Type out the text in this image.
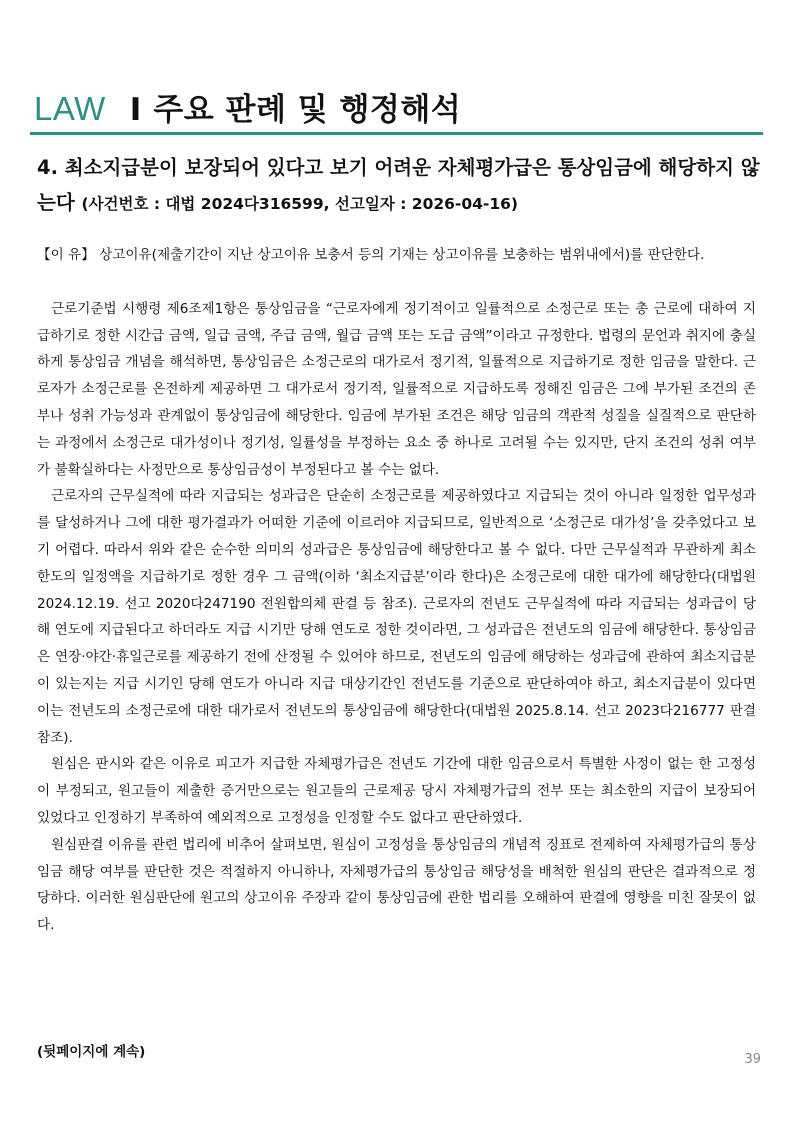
LAW I 주요 판례 및 행정해석
4. 최소지급분이 보장되어 있다고 보기 어려운 자체평가급은 통상임금에 해당하지 않는다 (사건번호 : 대법 2024다316599, 선고일자 : 2026-04-16)

【이 유】 상고이유(제출기간이 지난 상고이유 보충서 등의 기재는 상고이유를 보충하는 범위내에서)를 판단한다.

근로기준법 시행령 제6조제1항은 통상임금을 “근로자에게 정기적이고 일률적으로 소정근로 또는 총 근로에 대하여 지급하기로 정한 시간급 금액, 일급 금액, 주급 금액, 월급 금액 또는 도급 금액”이라고 규정한다. 법령의 문언과 취지에 충실하게 통상임금 개념을 해석하면, 통상임금은 소정근로의 대가로서 정기적, 일률적으로 지급하기로 정한 임금을 말한다. 근로자가 소정근로를 온전하게 제공하면 그 대가로서 정기적, 일률적으로 지급하도록 정해진 임금은 그에 부가된 조건의 존부나 성취 가능성과 관계없이 통상임금에 해당한다. 임금에 부가된 조건은 해당 임금의 객관적 성질을 실질적으로 판단하는 과정에서 소정근로 대가성이나 정기성, 일률성을 부정하는 요소 중 하나로 고려될 수는 있지만, 단지 조건의 성취 여부가 불확실하다는 사정만으로 통상임금성이 부정된다고 볼 수는 없다.

근로자의 근무실적에 따라 지급되는 성과급은 단순히 소정근로를 제공하였다고 지급되는 것이 아니라 일정한 업무성과를 달성하거나 그에 대한 평가결과가 어떠한 기준에 이르러야 지급되므로, 일반적으로 ‘소정근로 대가성’을 갖추었다고 보기 어렵다. 따라서 위와 같은 순수한 의미의 성과급은 통상임금에 해당한다고 볼 수 없다. 다만 근무실적과 무관하게 최소한도의 일정액을 지급하기로 정한 경우 그 금액(이하 ‘최소지급분’이라 한다)은 소정근로에 대한 대가에 해당한다(대법원 2024.12.19. 선고 2020다247190 전원합의체 판결 등 참조). 근로자의 전년도 근무실적에 따라 지급되는 성과급이 당해 연도에 지급된다고 하더라도 지급 시기만 당해 연도로 정한 것이라면, 그 성과급은 전년도의 임금에 해당한다. 통상임금은 연장·야간·휴일근로를 제공하기 전에 산정될 수 있어야 하므로, 전년도의 임금에 해당하는 성과급에 관하여 최소지급분이 있는지는 지급 시기인 당해 연도가 아니라 지급 대상기간인 전년도를 기준으로 판단하여야 하고, 최소지급분이 있다면 이는 전년도의 소정근로에 대한 대가로서 전년도의 통상임금에 해당한다(대법원 2025.8.14. 선고 2023다216777 판결 참조).

원심은 판시와 같은 이유로 피고가 지급한 자체평가급은 전년도 기간에 대한 임금으로서 특별한 사정이 없는 한 고정성이 부정되고, 원고들이 제출한 증거만으로는 원고들의 근로제공 당시 자체평가급의 전부 또는 최소한의 지급이 보장되어 있었다고 인정하기 부족하여 예외적으로 고정성을 인정할 수도 없다고 판단하였다.

원심판결 이유를 관련 법리에 비추어 살펴보면, 원심이 고정성을 통상임금의 개념적 징표로 전제하여 자체평가급의 통상임금 해당 여부를 판단한 것은 적절하지 아니하나, 자체평가급의 통상임금 해당성을 배척한 원심의 판단은 결과적으로 정당하다. 이러한 원심판단에 원고의 상고이유 주장과 같이 통상임금에 관한 법리를 오해하여 판결에 영향을 미친 잘못이 없다.

(뒷페이지에 계속)	39
